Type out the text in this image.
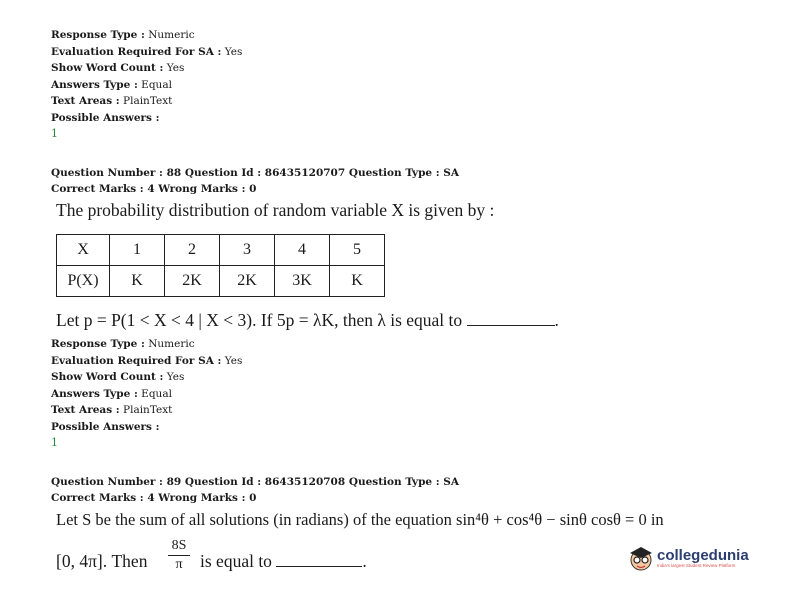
Response Type : Numeric
Evaluation Required For SA : Yes
Show Word Count : Yes
Answers Type : Equal
Text Areas : PlainText
Possible Answers :
1
Question Number : 88 Question Id : 86435120707 Question Type : SA
Correct Marks : 4 Wrong Marks : 0
The probability distribution of random variable X is given by :
X	1	2	3	4	5
P(X)	K	2K	2K	3K	K
Let p = P(1 < X < 4 | X < 3). If 5p = λK, then λ is equal to	.
Response Type : Numeric
Evaluation Required For SA : Yes
Show Word Count : Yes
Answers Type : Equal
Text Areas : PlainText
Possible Answers :
1
Question Number : 89 Question Id : 86435120708 Question Type : SA
Correct Marks : 4 Wrong Marks : 0
Let S be the sum of all solutions (in radians) of the equation sin⁴θ + cos⁴θ − sinθ cosθ = 0 in
[0, 4π]. Then
8S
π is equal to	.	collegedunia
India's largest Student Review Platform
